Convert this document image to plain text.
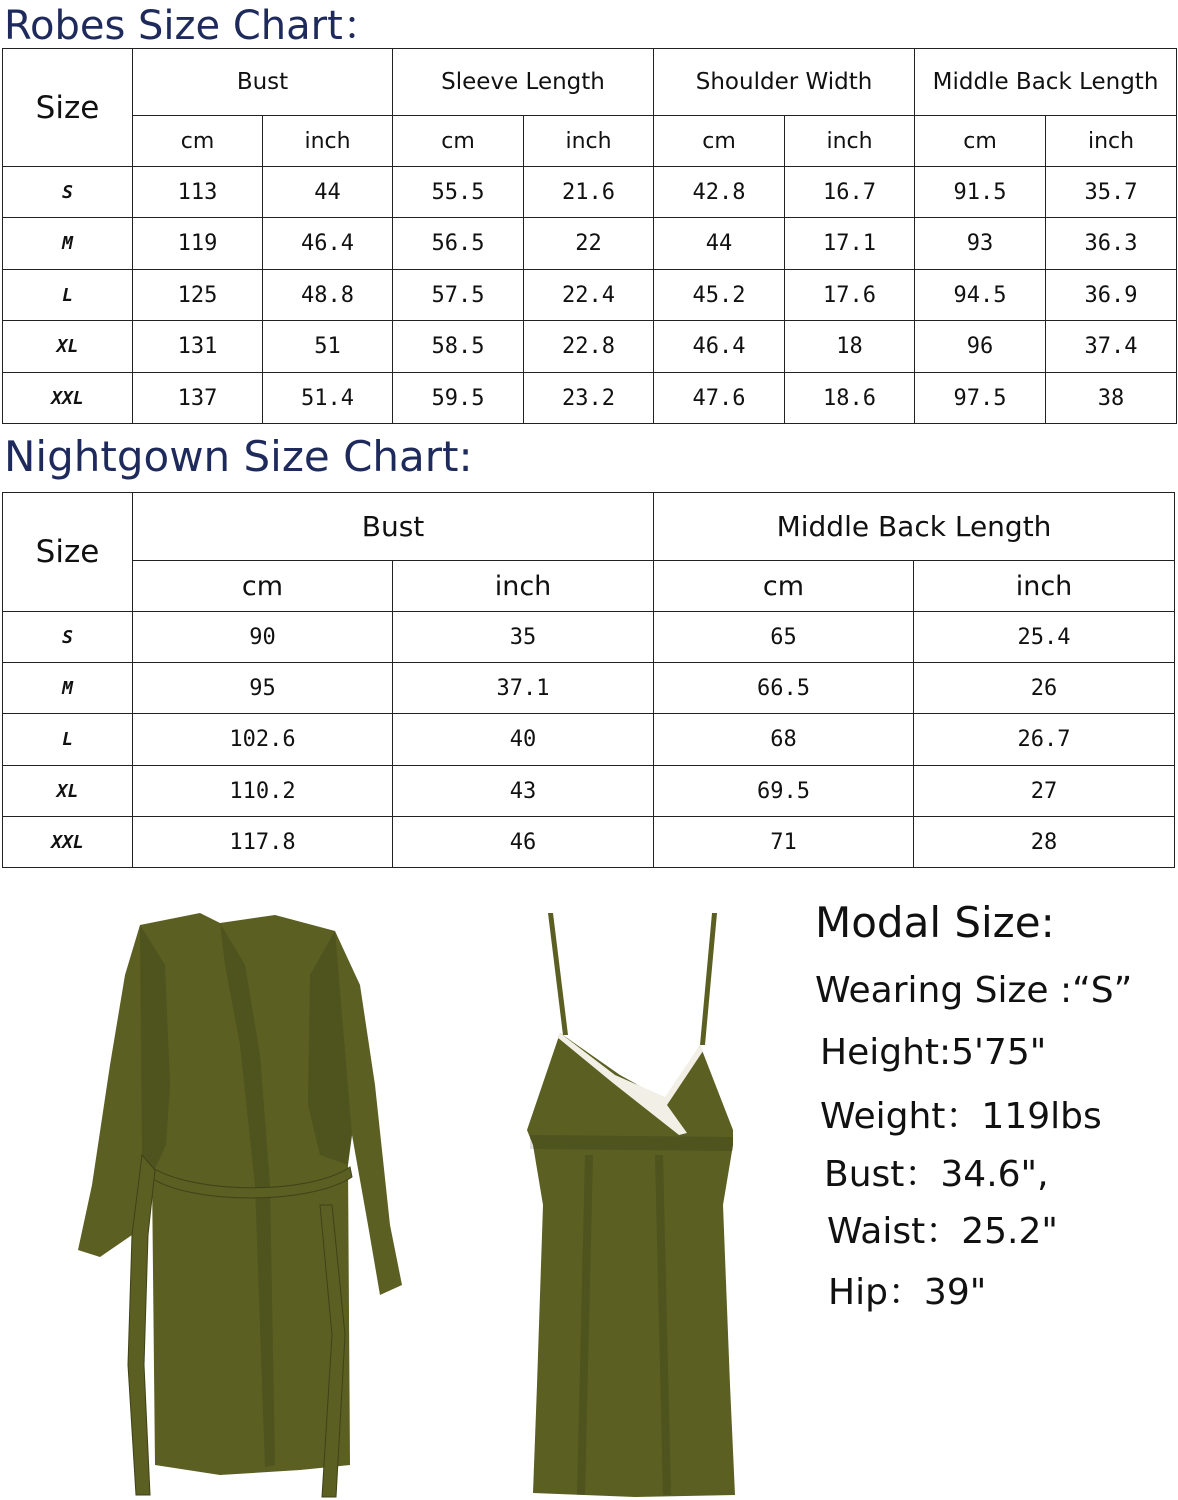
Robes Size Chart：
Size	Bust		Sleeve Length		Shoulder Width		Middle Back Length	
	cm	inch	cm	inch	cm	inch	cm	inch
S	113	44	55.5	21.6	42.8	16.7	91.5	35.7
M	119	46.4	56.5	22	44	17.1	93	36.3
L	125	48.8	57.5	22.4	45.2	17.6	94.5	36.9
XL	131	51	58.5	22.8	46.4	18	96	37.4
XXL	137	51.4	59.5	23.2	47.6	18.6	97.5	38
Nightgown Size Chart:
Size	Bust		Middle Back Length	
	cm	inch	cm	inch
S	90	35	65	25.4
M	95	37.1	66.5	26
L	102.6	40	68	26.7
XL	110.2	43	69.5	27
XXL	117.8	46	71	28
Modal Size:
Wearing Size :“S”
Height:5'75"
Weight：119lbs
Bust：34.6",
Waist：25.2"
Hip：39"
